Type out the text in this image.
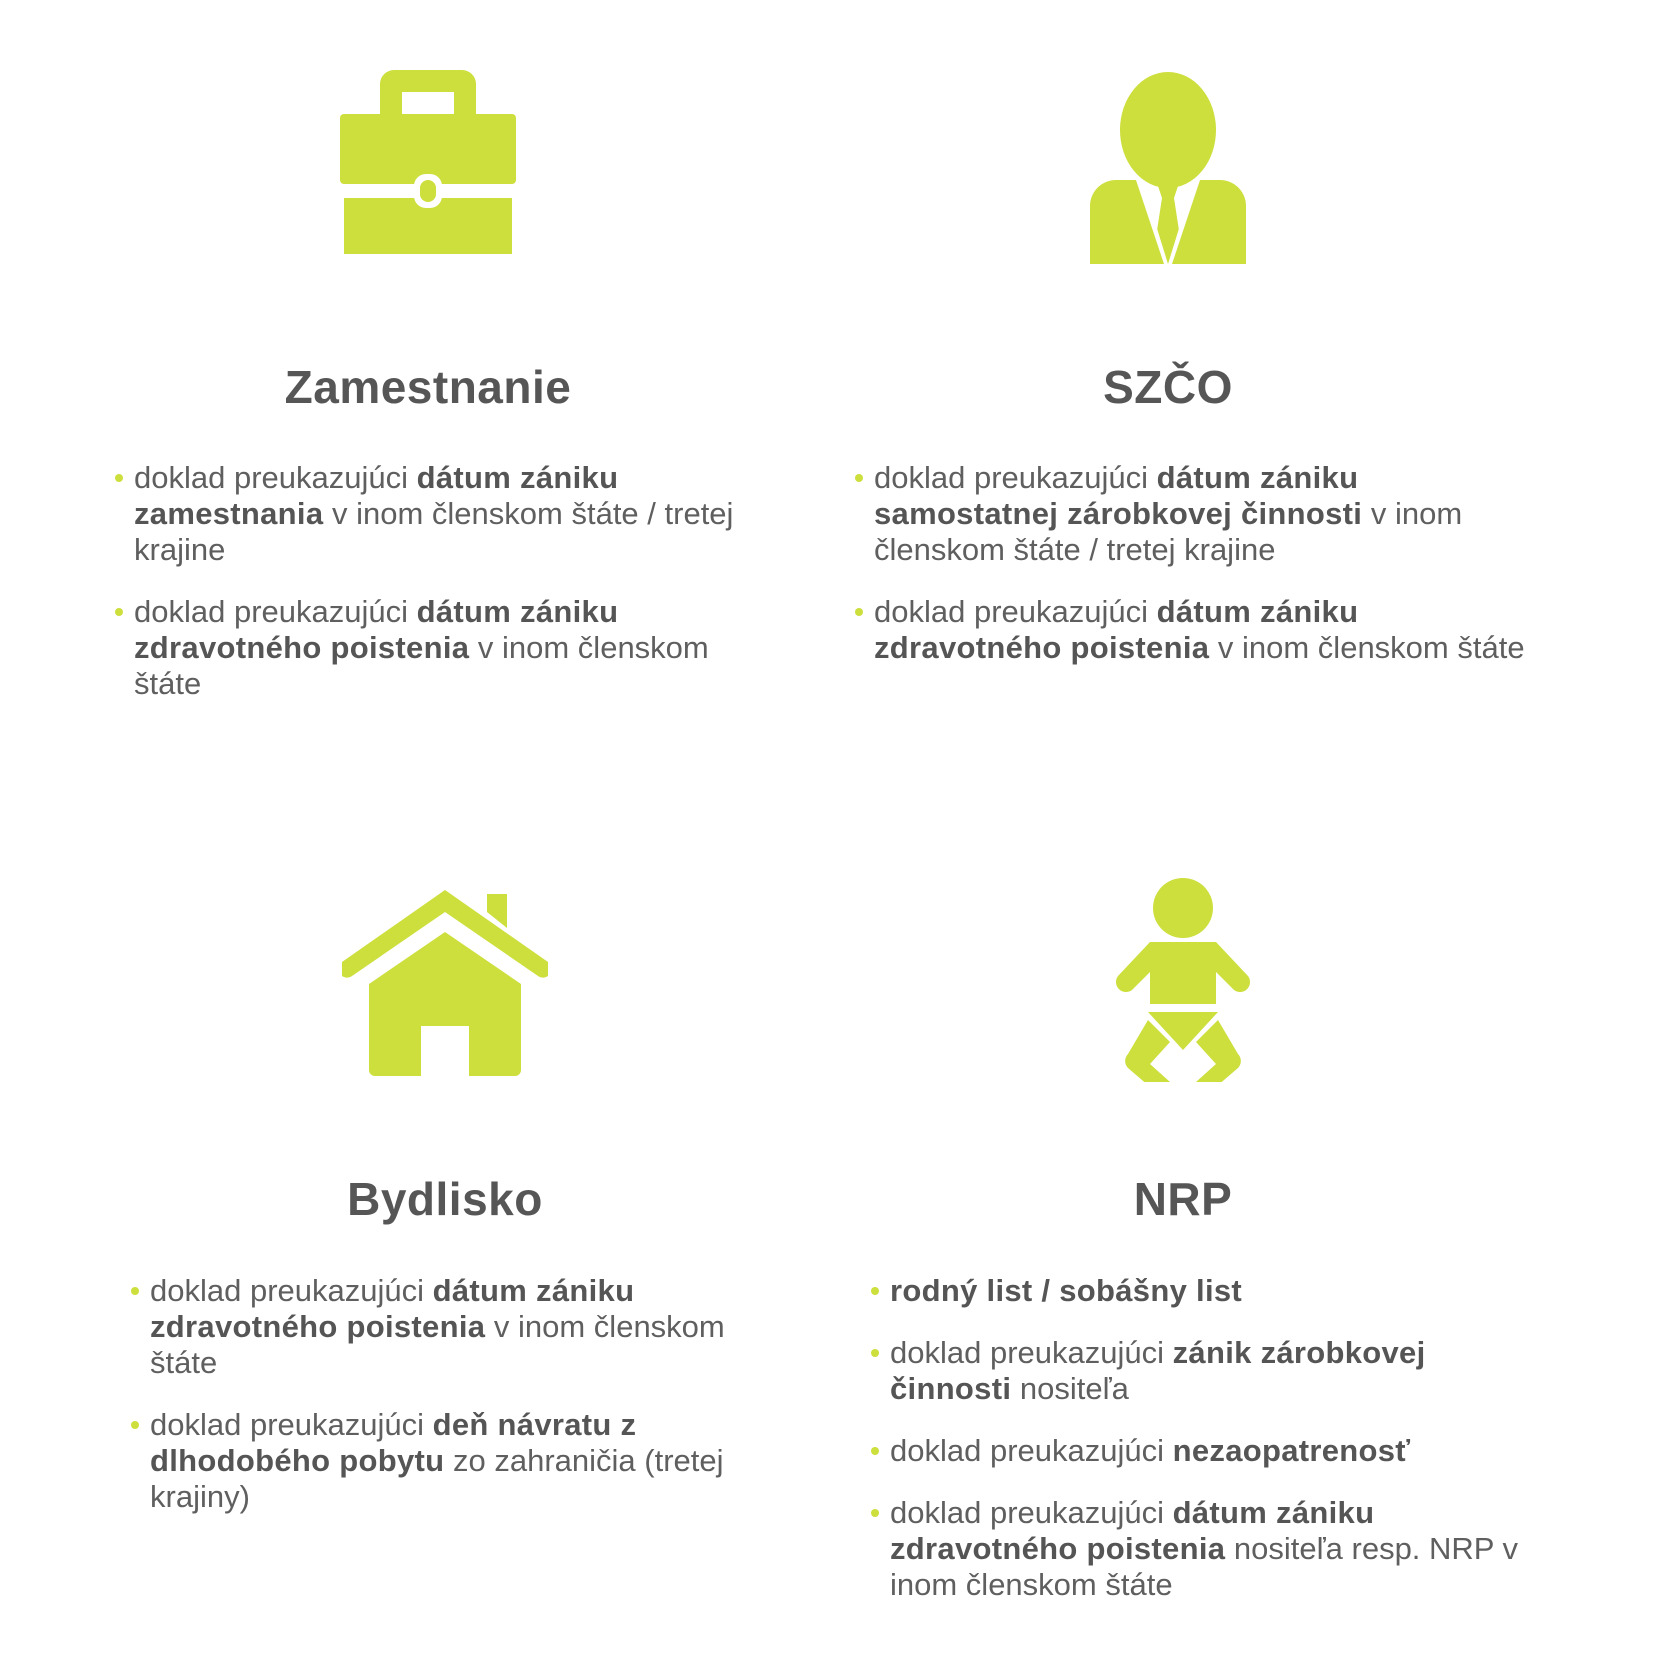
Zamestnanie
doklad preukazujúci dátum zániku zamestnania v inom členskom štáte / tretej krajine
doklad preukazujúci dátum zániku zdravotného poistenia v inom členskom štáte
SZČO
doklad preukazujúci dátum zániku samostatnej zárobkovej činnosti v inom členskom štáte / tretej krajine
doklad preukazujúci dátum zániku zdravotného poistenia v inom členskom štáte
Bydlisko
doklad preukazujúci dátum zániku zdravotného poistenia v inom členskom štáte
doklad preukazujúci deň návratu z dlhodobého pobytu zo zahraničia (tretej krajiny)
NRP
rodný list / sobášny list
doklad preukazujúci zánik zárobkovej činnosti nositeľa
doklad preukazujúci nezaopatrenosť
doklad preukazujúci dátum zániku zdravotného poistenia nositeľa resp. NRP v inom členskom štáte
